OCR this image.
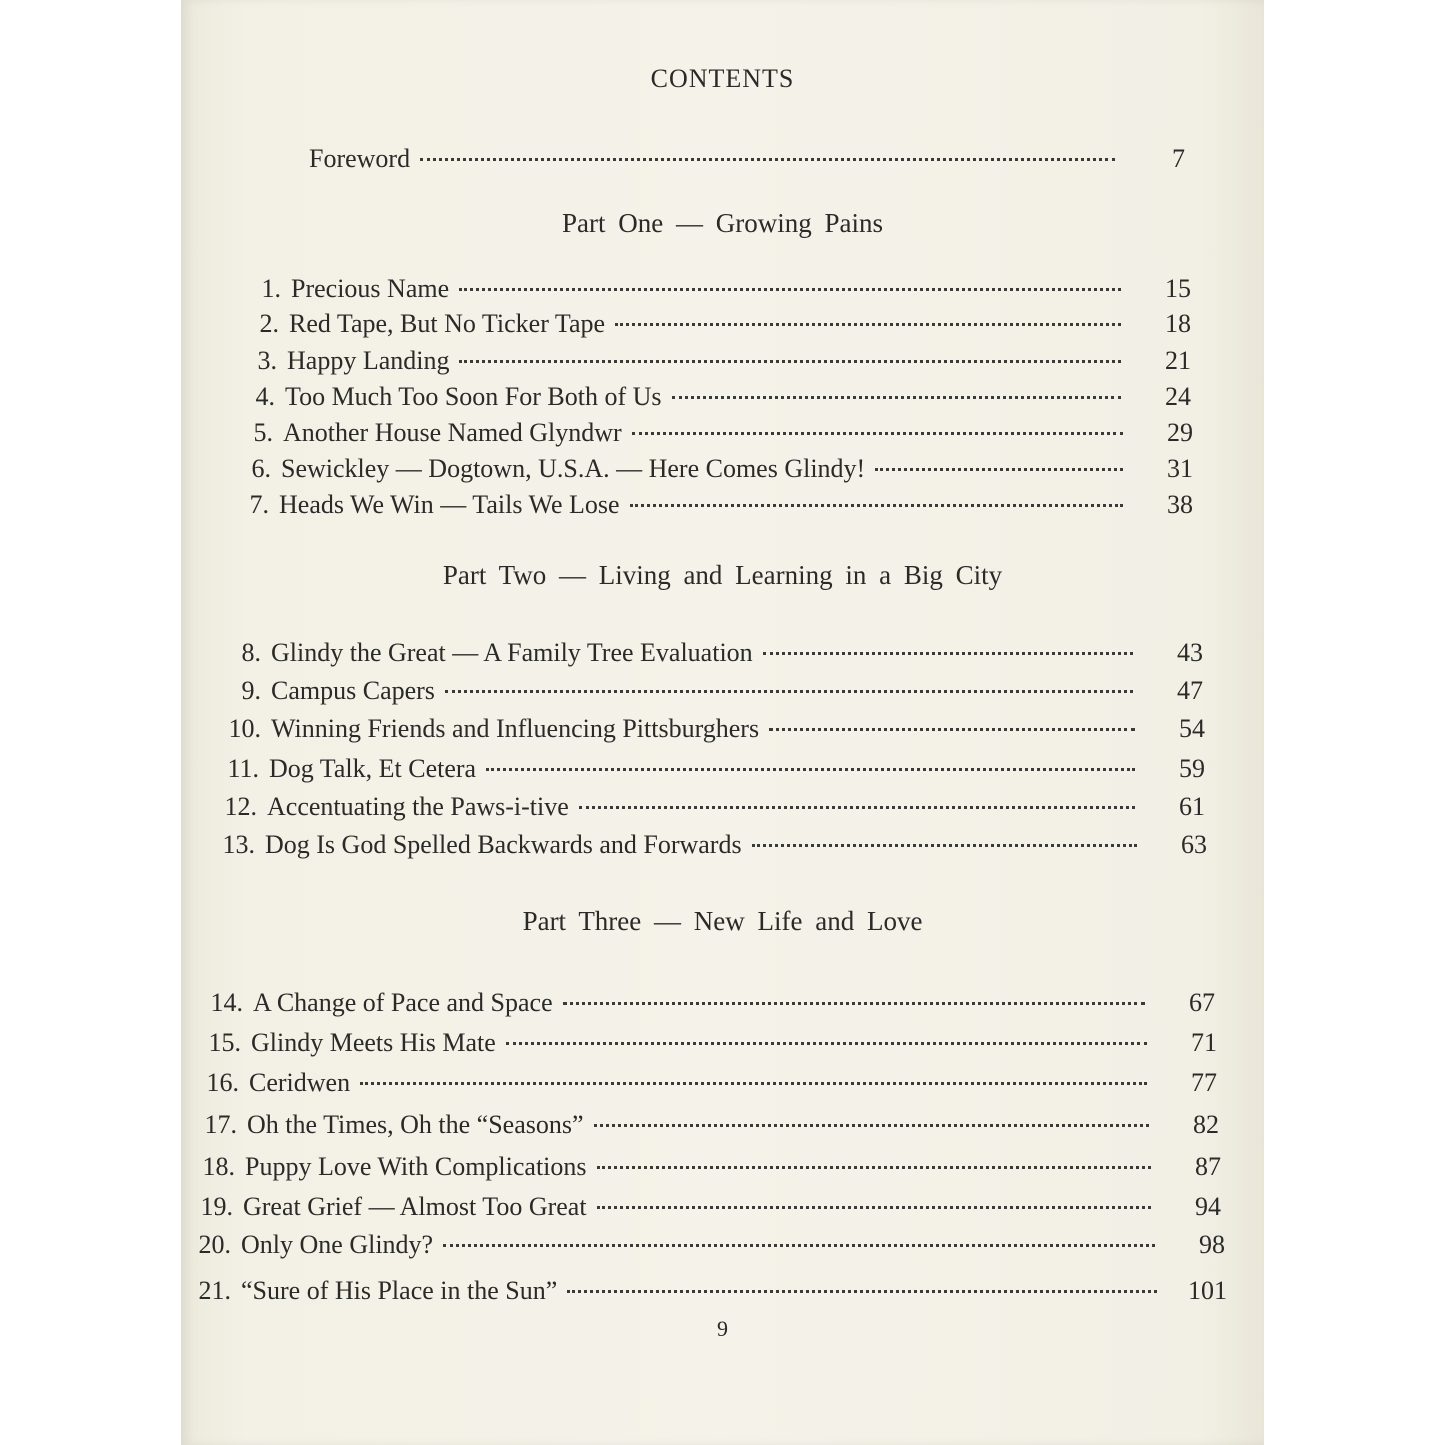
CONTENTS
Foreword	7
Part One — Growing Pains
1. Precious Name	15
2. Red Tape, But No Ticker Tape	18
3. Happy Landing	21
4. Too Much Too Soon For Both of Us	24
5. Another House Named Glyndwr	29
6. Sewickley — Dogtown, U.S.A. — Here Comes Glindy!	31
7. Heads We Win — Tails We Lose	38
Part Two — Living and Learning in a Big City
8. Glindy the Great — A Family Tree Evaluation	43
9. Campus Capers	47
10. Winning Friends and Influencing Pittsburghers	54
11. Dog Talk, Et Cetera	59
12. Accentuating the Paws-i-tive	61
13. Dog Is God Spelled Backwards and Forwards	63
Part Three — New Life and Love
14. A Change of Pace and Space	67
15. Glindy Meets His Mate	71
16. Ceridwen	77
17. Oh the Times, Oh the “Seasons”	82
18. Puppy Love With Complications	87
19. Great Grief — Almost Too Great	94
20. Only One Glindy?	98
21. “Sure of His Place in the Sun”	101
9
